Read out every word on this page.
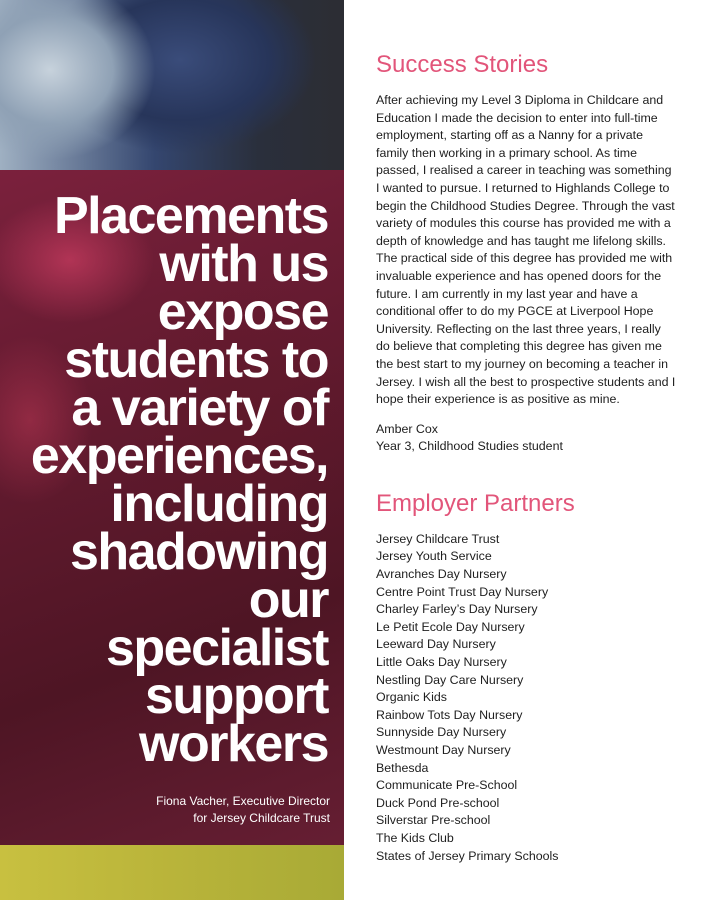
Placements
with us
expose
students to
a variety of
experiences,
including
shadowing
our
specialist
support
workers

Fiona Vacher, Executive Director
for Jersey Childcare Trust

Success Stories

After achieving my Level 3 Diploma in Childcare and Education I made the decision to enter into full-time employment, starting off as a Nanny for a private family then working in a primary school. As time passed, I realised a career in teaching was something I wanted to pursue. I returned to Highlands College to begin the Childhood Studies Degree. Through the vast variety of modules this course has provided me with a depth of knowledge and has taught me lifelong skills. The practical side of this degree has provided me with invaluable experience and has opened doors for the future. I am currently in my last year and have a conditional offer to do my PGCE at Liverpool Hope University. Reflecting on the last three years, I really do believe that completing this degree has given me the best start to my journey on becoming a teacher in Jersey. I wish all the best to prospective students and I hope their experience is as positive as mine.

Amber Cox
Year 3, Childhood Studies student

Employer Partners
Jersey Childcare Trust
Jersey Youth Service
Avranches Day Nursery
Centre Point Trust Day Nursery
Charley Farley’s Day Nursery
Le Petit Ecole Day Nursery
Leeward Day Nursery
Little Oaks Day Nursery
Nestling Day Care Nursery
Organic Kids
Rainbow Tots Day Nursery
Sunnyside Day Nursery
Westmount Day Nursery
Bethesda
Communicate Pre-School
Duck Pond Pre-school
Silverstar Pre-school
The Kids Club
States of Jersey Primary Schools
